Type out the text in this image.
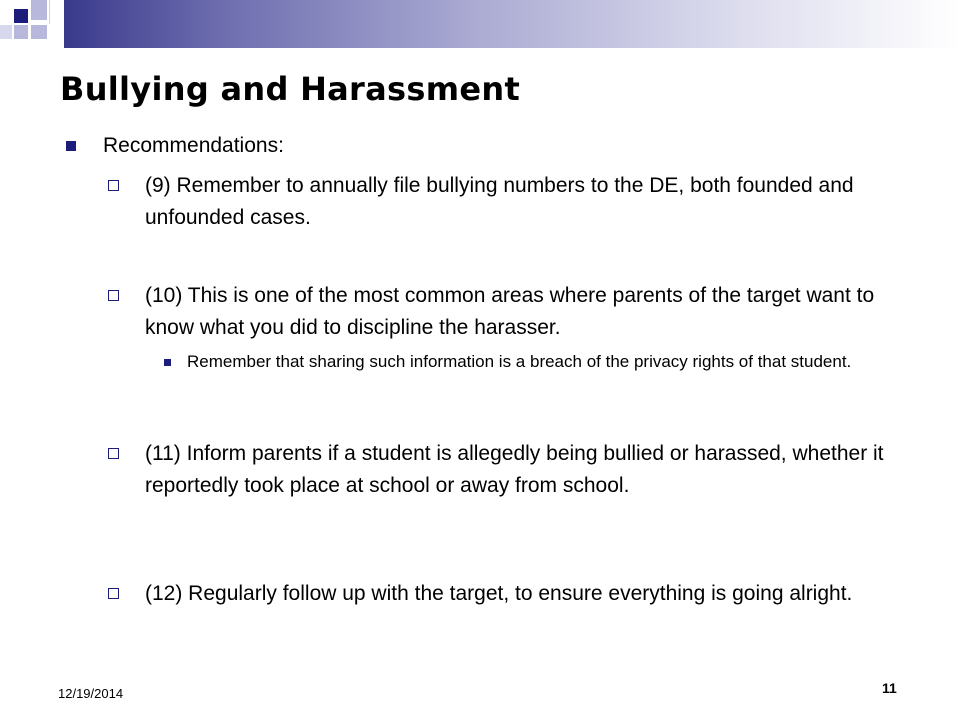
Bullying and Harassment
Recommendations:
(9) Remember to annually file bullying numbers to the DE, both founded and unfounded cases.
(10) This is one of the most common areas where parents of the target want to know what you did to discipline the harasser.
Remember that sharing such information is a breach of the privacy rights of that student.
(11) Inform parents if a student is allegedly being bullied or harassed, whether it reportedly took place at school or away from school.
(12) Regularly follow up with the target, to ensure everything is going alright.
12/19/2014	11
